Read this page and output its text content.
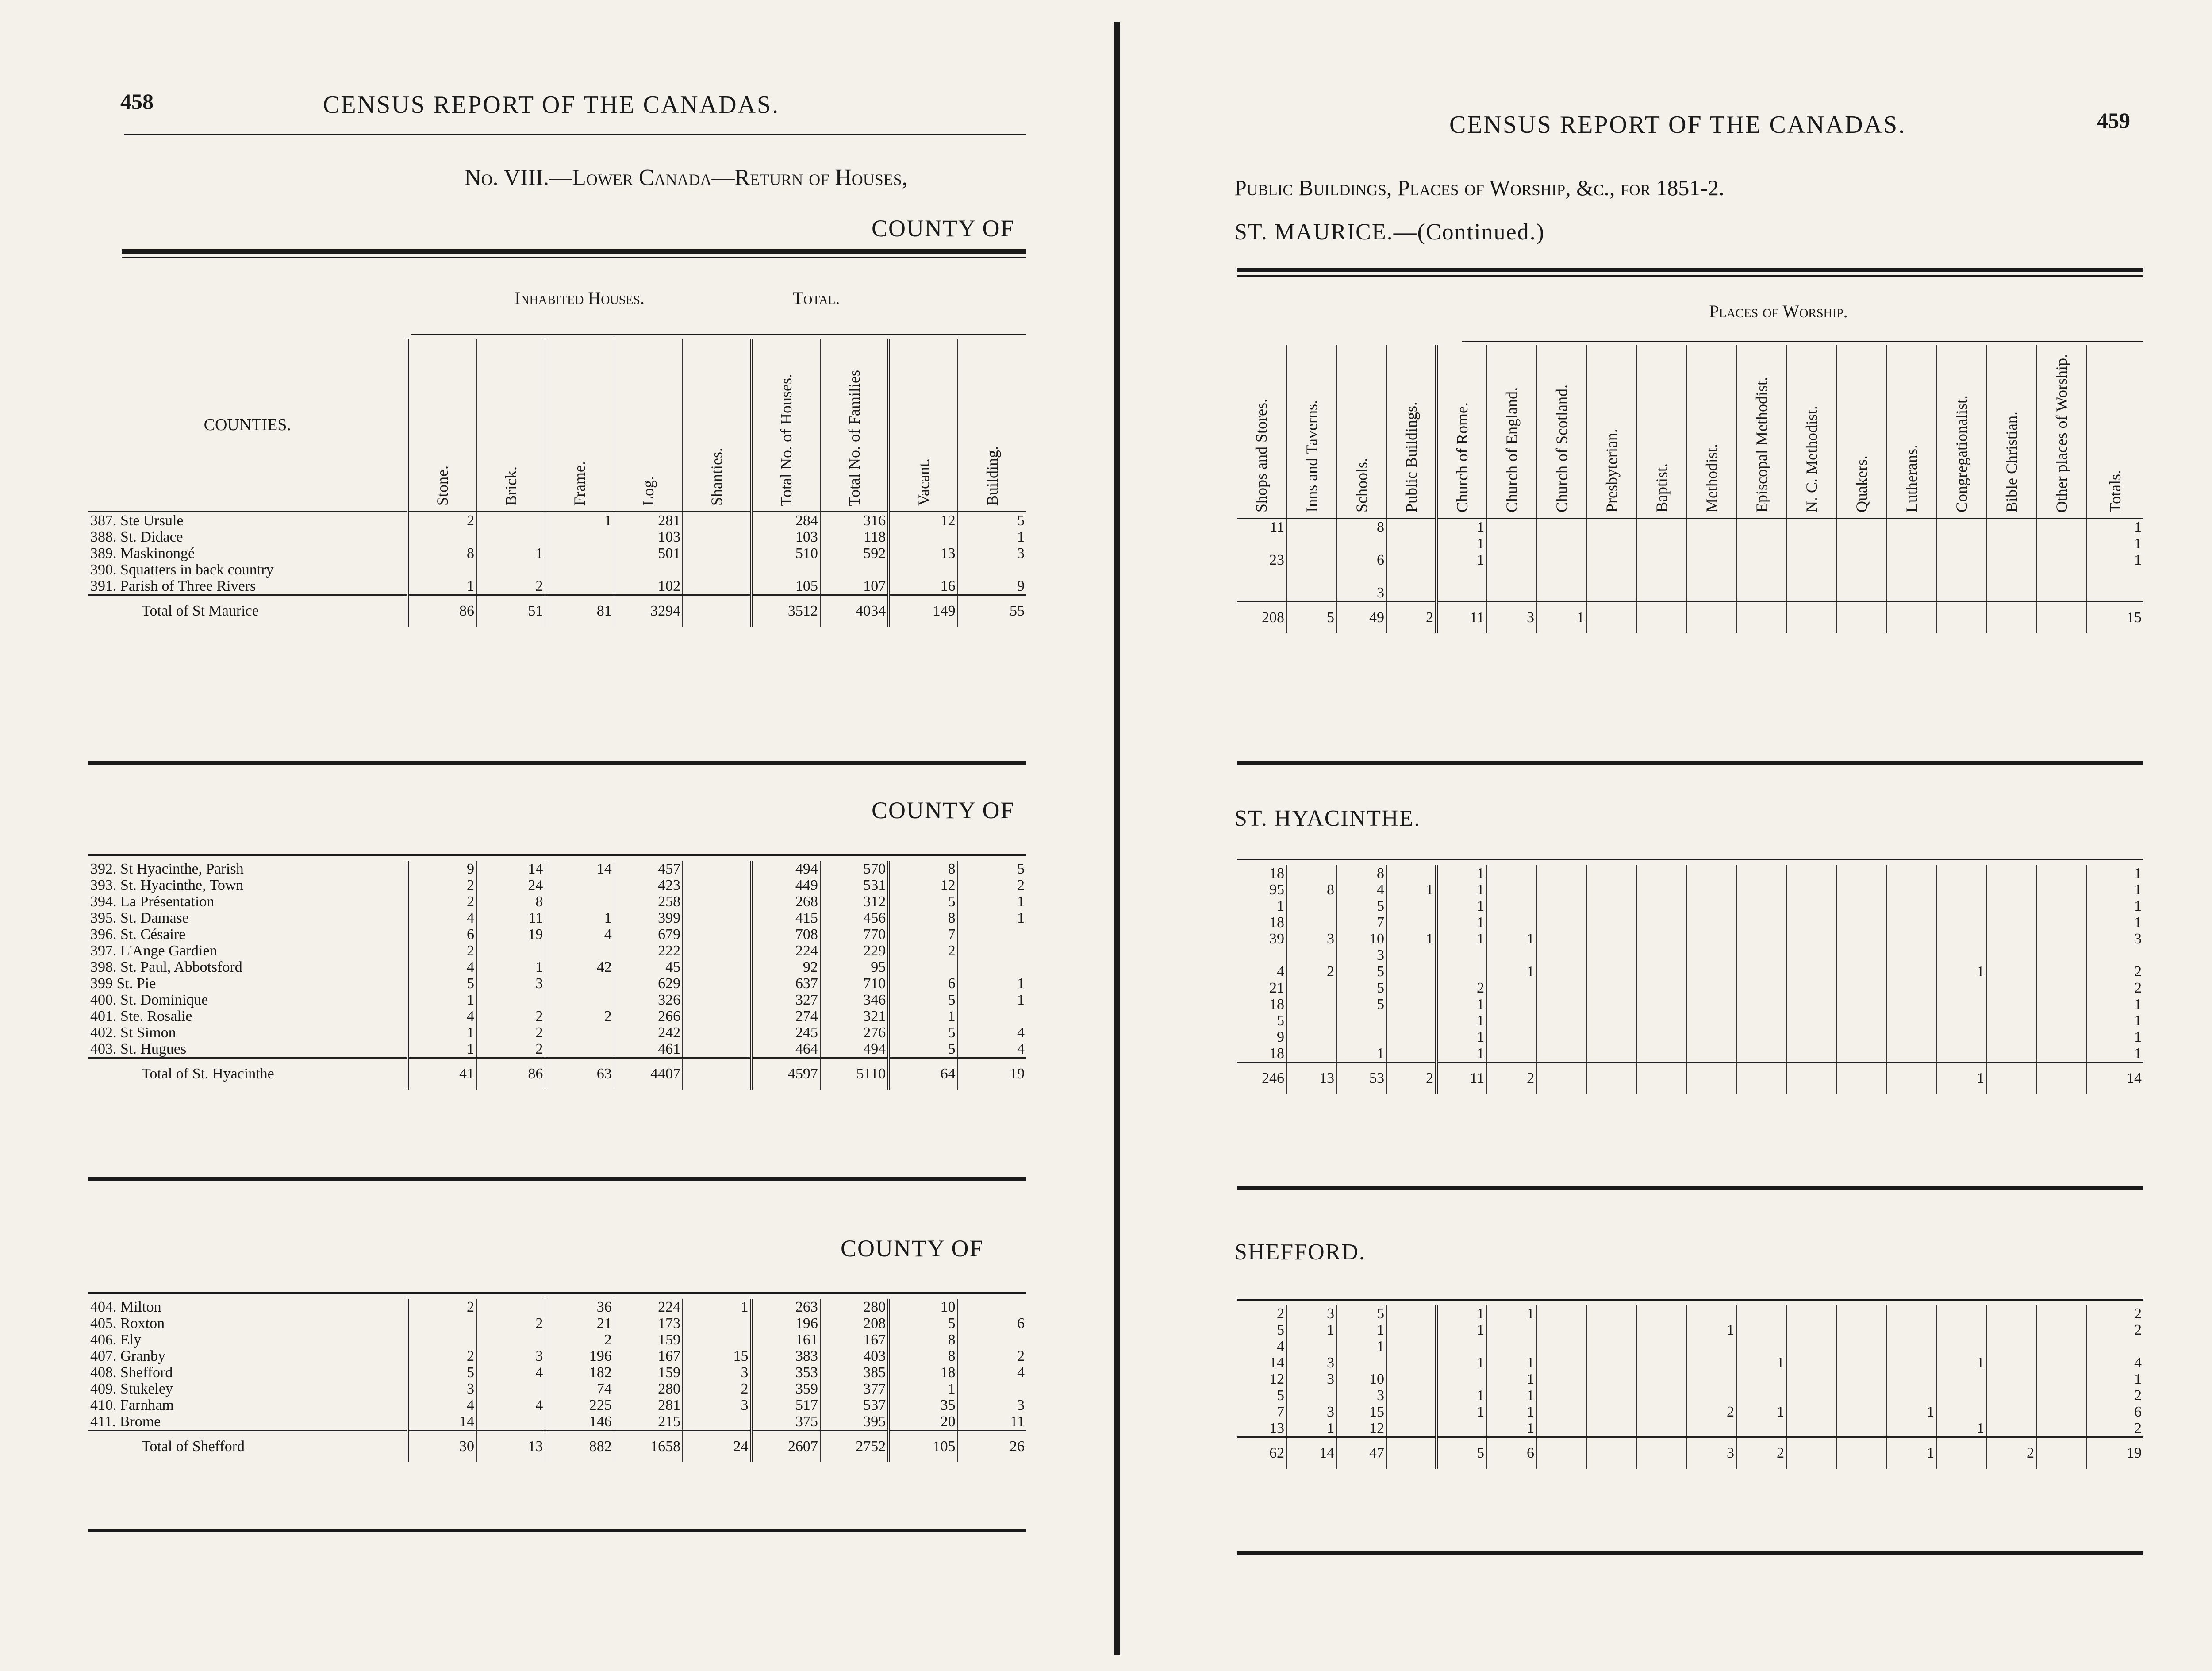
458	CENSUS REPORT OF THE CANADAS.
No. VIII.—Lower Canada—Return of Houses,
COUNTY OF
Inhabited Houses.	Total.
COUNTIES.	Stone.	Brick.	Frame.	Log.	Shanties.	Total No. of Houses.	Total No. of Families	Vacant.	Building.

387. Ste Ursule	2		1	281		284	316	12	5
388. St. Didace				103		103	118		1
389. Maskinongé	8	1		501		510	592	13	3
390. Squatters in back country									
391. Parish of Three Rivers	1	2		102		105	107	16	9
Total of St Maurice	86	51	81	3294		3512	4034	149	55
COUNTY OF
392. St Hyacinthe, Parish	9	14	14	457		494	570	8	5
393. St. Hyacinthe, Town	2	24		423		449	531	12	2
394. La Présentation	2	8		258		268	312	5	1
395. St. Damase	4	11	1	399		415	456	8	1
396. St. Césaire	6	19	4	679		708	770	7	
397. L'Ange Gardien	2			222		224	229	2	
398. St. Paul, Abbotsford	4	1	42	45		92	95		
399 St. Pie	5	3		629		637	710	6	1
400. St. Dominique	1			326		327	346	5	1
401. Ste. Rosalie	4	2	2	266		274	321	1	
402. St Simon	1	2		242		245	276	5	4
403. St. Hugues	1	2		461		464	494	5	4
Total of St. Hyacinthe	41	86	63	4407		4597	5110	64	19
COUNTY OF
404. Milton	2		36	224	1	263	280	10	
405. Roxton		2	21	173		196	208	5	6
406. Ely			2	159		161	167	8	
407. Granby	2	3	196	167	15	383	403	8	2
408. Shefford	5	4	182	159	3	353	385	18	4
409. Stukeley	3		74	280	2	359	377	1	
410. Farnham	4	4	225	281	3	517	537	35	3
411. Brome	14		146	215		375	395	20	11
Total of Shefford	30	13	882	1658	24	2607	2752	105	26
CENSUS REPORT OF THE CANADAS.	459
Public Buildings, Places of Worship, &c., for 1851-2.
ST. MAURICE.—(Continued.)
Places of Worship.
Shops and Stores.	Inns and Taverns.	Schools.	Public Buildings.	Church of Rome.	Church of England.	Church of Scotland.	Presbyterian.	Baptist.	Methodist.	Episcopal Methodist.	N. C. Methodist.	Quakers.	Lutherans.	Congregationalist.	Bible Christian.	Other places of Worship.	Totals.

11		8		1													1
				1													1
23		6		1													1

		3															
208	5	49	2	11	3	1											15
ST. HYACINTHE.
18		8		1													1
95	8	4	1	1													1
1		5		1													1
18		7		1													1
39	3	10	1	1	1												3
		3															
4	2	5			1									1			2
21		5		2													2
18		5		1													1
5				1													1
9				1													1
18		1		1													1
246	13	53	2	11	2									1			14
SHEFFORD.
2	3	5		1	1												2
5	1	1		1					1								2
4		1															
14	3			1	1					1				1			4
12	3	10			1												1
5		3		1	1												2
7	3	15		1	1				2	1			1				6
13	1	12			1									1			2
62	14	47		5	6				3	2			1		2		19
